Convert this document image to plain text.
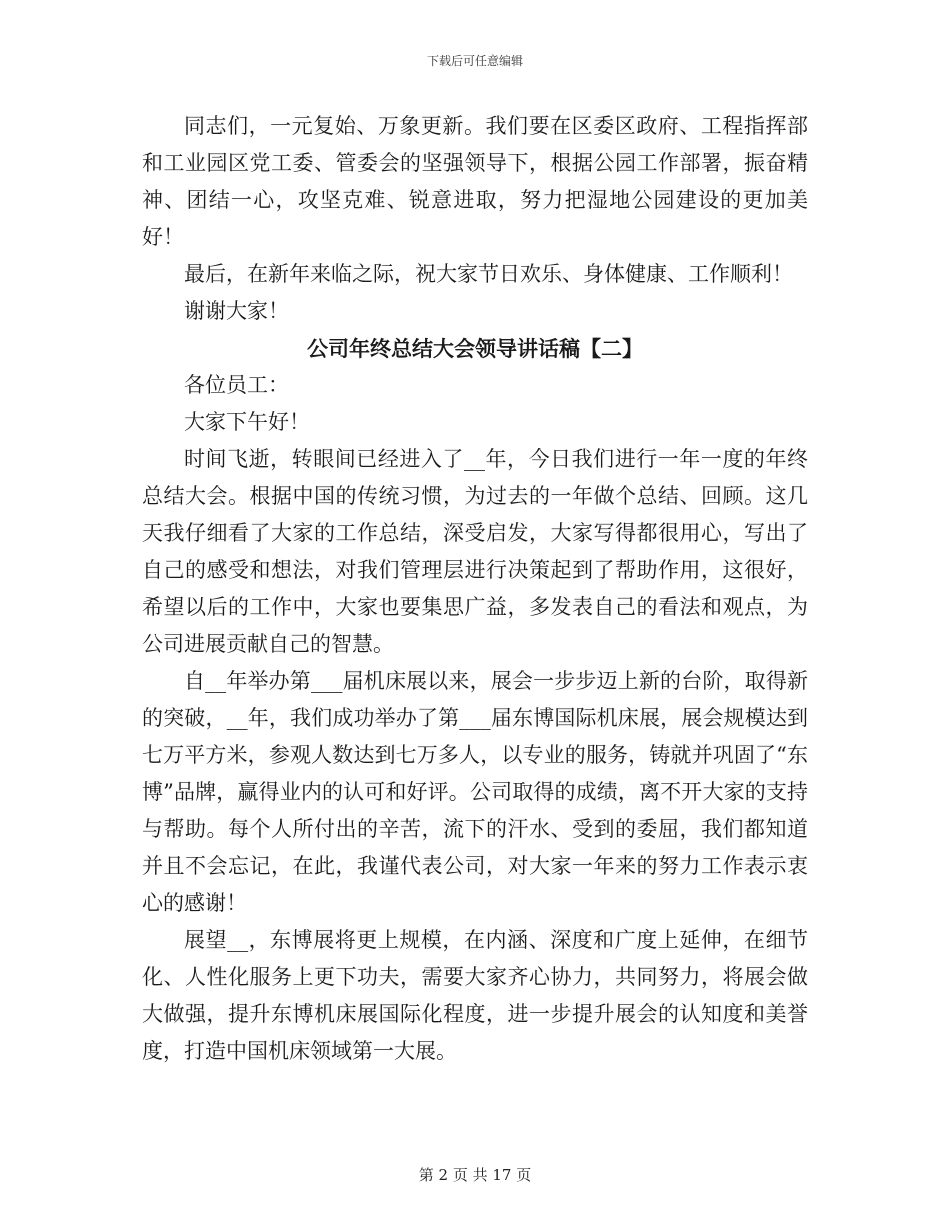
下载后可任意编辑

同志们，一元复始、万象更新。我们要在区委区政府、工程指挥部和工业园区党工委、管委会的坚强领导下，根据公园工作部署，振奋精神、团结一心，攻坚克难、锐意进取，努力把湿地公园建设的更加美好！

最后，在新年来临之际，祝大家节日欢乐、身体健康、工作顺利！

谢谢大家！

公司年终总结大会领导讲话稿【二】

各位员工：

大家下午好！

时间飞逝，转眼间已经进入了__年，今日我们进行一年一度的年终总结大会。根据中国的传统习惯，为过去的一年做个总结、回顾。这几天我仔细看了大家的工作总结，深受启发，大家写得都很用心，写出了自己的感受和想法，对我们管理层进行决策起到了帮助作用，这很好，希望以后的工作中，大家也要集思广益，多发表自己的看法和观点，为公司进展贡献自己的智慧。

自__年举办第___届机床展以来，展会一步步迈上新的台阶，取得新的突破，__年，我们成功举办了第___届东博国际机床展，展会规模达到七万平方米，参观人数达到七万多人，以专业的服务，铸就并巩固了“东博”品牌，赢得业内的认可和好评。公司取得的成绩，离不开大家的支持与帮助。每个人所付出的辛苦，流下的汗水、受到的委屈，我们都知道并且不会忘记，在此，我谨代表公司，对大家一年来的努力工作表示衷心的感谢！

展望__，东博展将更上规模，在内涵、深度和广度上延伸，在细节化、人性化服务上更下功夫，需要大家齐心协力，共同努力，将展会做大做强，提升东博机床展国际化程度，进一步提升展会的认知度和美誉度，打造中国机床领域第一大展。

第 2 页 共 17 页
